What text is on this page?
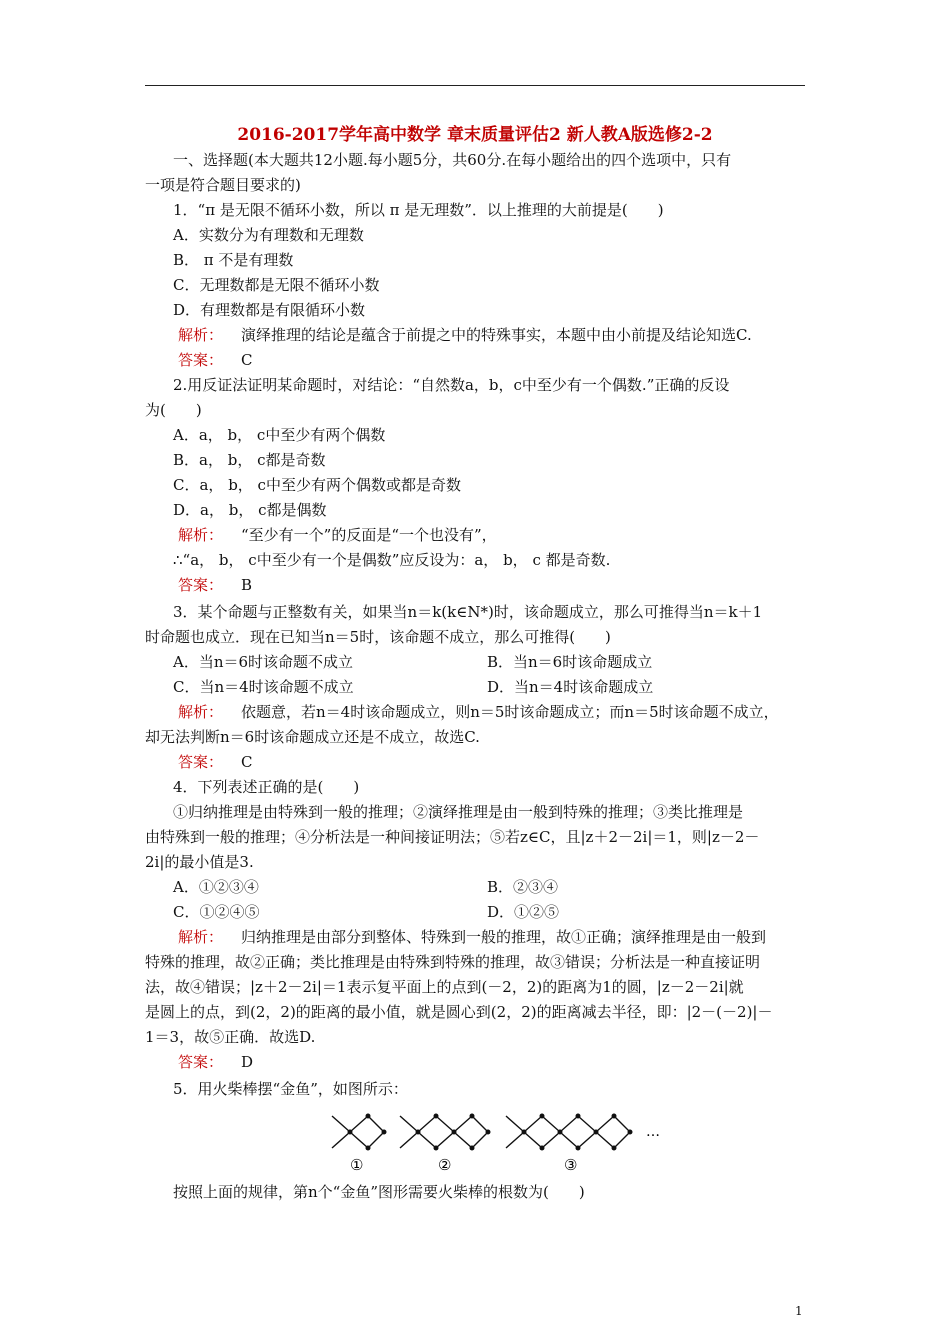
2016-2017学年高中数学 章末质量评估2 新人教A版选修2-2
一、选择题(本大题共12小题.每小题5分，共60分.在每小题给出的四个选项中，只有
一项是符合题目要求的)
1．“π 是无限不循环小数，所以 π 是无理数”．以上推理的大前提是(　　)
A．实数分为有理数和无理数
B． π 不是有理数
C．无理数都是无限不循环小数
D．有理数都是有限循环小数
解析： 演绎推理的结论是蕴含于前提之中的特殊事实，本题中由小前提及结论知选C.
答案： C
2.用反证法证明某命题时，对结论：“自然数a，b，c中至少有一个偶数.”正确的反设
为(　　)
A．a， b， c中至少有两个偶数
B．a， b， c都是奇数
C．a， b， c中至少有两个偶数或都是奇数
D．a， b， c都是偶数
解析： “至少有一个”的反面是“一个也没有”，
∴“a， b， c中至少有一个是偶数”应反设为：a， b， c 都是奇数.
答案： B
3．某个命题与正整数有关，如果当n＝k(k∈N*)时，该命题成立，那么可推得当n＝k＋1
时命题也成立．现在已知当n＝5时，该命题不成立，那么可推得(　　)
A．当n＝6时该命题不成立	B．当n＝6时该命题成立
C．当n＝4时该命题不成立	D．当n＝4时该命题成立
解析： 依题意，若n＝4时该命题成立，则n＝5时该命题成立；而n＝5时该命题不成立，
却无法判断n＝6时该命题成立还是不成立，故选C.
答案： C
4．下列表述正确的是(　　)
①归纳推理是由特殊到一般的推理；②演绎推理是由一般到特殊的推理；③类比推理是
由特殊到一般的推理；④分析法是一种间接证明法；⑤若z∈C，且|z＋2－2i|＝1，则|z－2－
2i|的最小值是3.
A．①②③④	B．②③④
C．①②④⑤	D．①②⑤
解析： 归纳推理是由部分到整体、特殊到一般的推理，故①正确；演绎推理是由一般到
特殊的推理，故②正确；类比推理是由特殊到特殊的推理，故③错误；分析法是一种直接证明
法，故④错误；|z＋2－2i|＝1表示复平面上的点到(－2，2)的距离为1的圆，|z－2－2i|就
是圆上的点，到(2，2)的距离的最小值，就是圆心到(2，2)的距离减去半径，即：|2－(－2)|－
1＝3，故⑤正确．故选D.
答案： D
5．用火柴棒摆“金鱼”，如图所示：
…
①	②	③
按照上面的规律，第n个“金鱼”图形需要火柴棒的根数为(　　)
1
